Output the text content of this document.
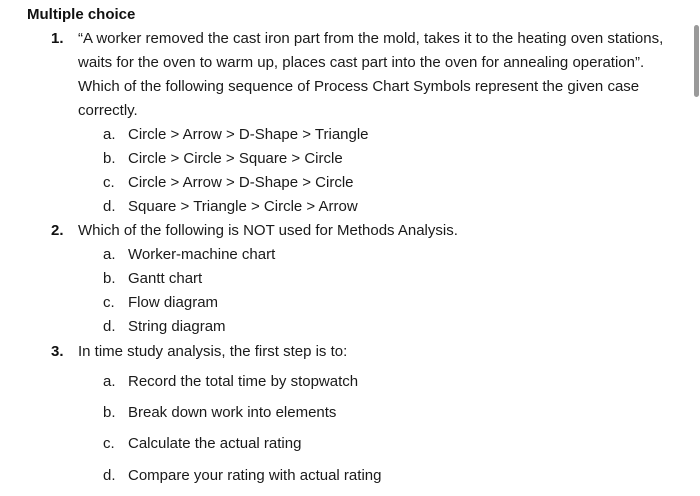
Multiple choice
1. “A worker removed the cast iron part from the mold, takes it to the heating oven stations, waits for the oven to warm up, places cast part into the oven for annealing operation”. Which of the following sequence of Process Chart Symbols represent the given case correctly.
a. Circle > Arrow > D-Shape > Triangle
b. Circle > Circle > Square > Circle
c. Circle > Arrow > D-Shape > Circle
d. Square > Triangle > Circle > Arrow
2. Which of the following is NOT used for Methods Analysis.
a. Worker-machine chart
b. Gantt chart
c. Flow diagram
d. String diagram
3. In time study analysis, the first step is to:
a. Record the total time by stopwatch
b. Break down work into elements
c. Calculate the actual rating
d. Compare your rating with actual rating
